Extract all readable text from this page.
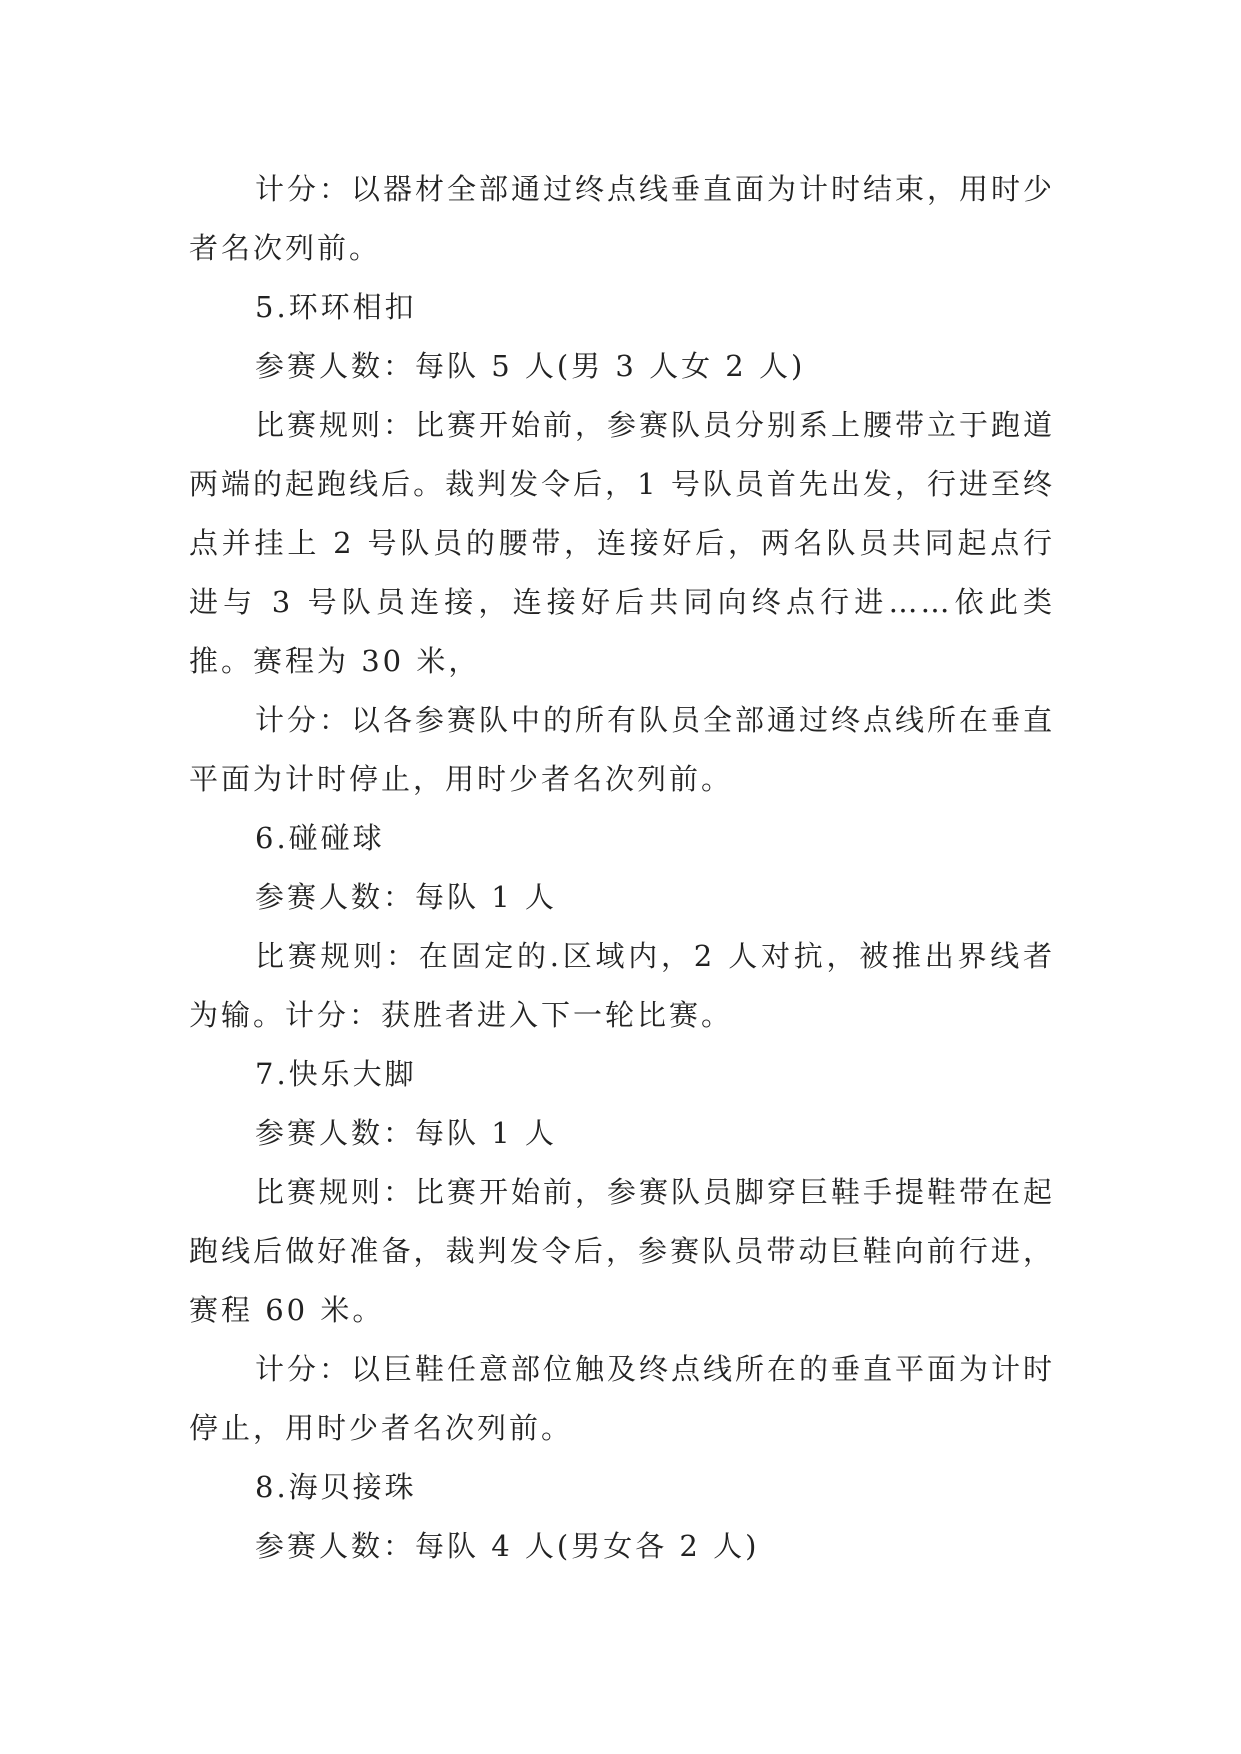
计分：以器材全部通过终点线垂直面为计时结束，用时少者名次列前。

5.环环相扣

参赛人数：每队 5 人(男 3 人女 2 人)

比赛规则：比赛开始前，参赛队员分别系上腰带立于跑道两端的起跑线后。裁判发令后，1 号队员首先出发，行进至终点并挂上 2 号队员的腰带，连接好后，两名队员共同起点行进与 3 号队员连接，连接好后共同向终点行进……依此类推。赛程为 30 米，

计分：以各参赛队中的所有队员全部通过终点线所在垂直平面为计时停止，用时少者名次列前。

6.碰碰球

参赛人数：每队 1 人

比赛规则：在固定的.区域内，2 人对抗，被推出界线者为输。计分：获胜者进入下一轮比赛。

7.快乐大脚

参赛人数：每队 1 人

比赛规则：比赛开始前，参赛队员脚穿巨鞋手提鞋带在起跑线后做好准备，裁判发令后，参赛队员带动巨鞋向前行进，赛程 60 米。

计分：以巨鞋任意部位触及终点线所在的垂直平面为计时停止，用时少者名次列前。

8.海贝接珠

参赛人数：每队 4 人(男女各 2 人)
